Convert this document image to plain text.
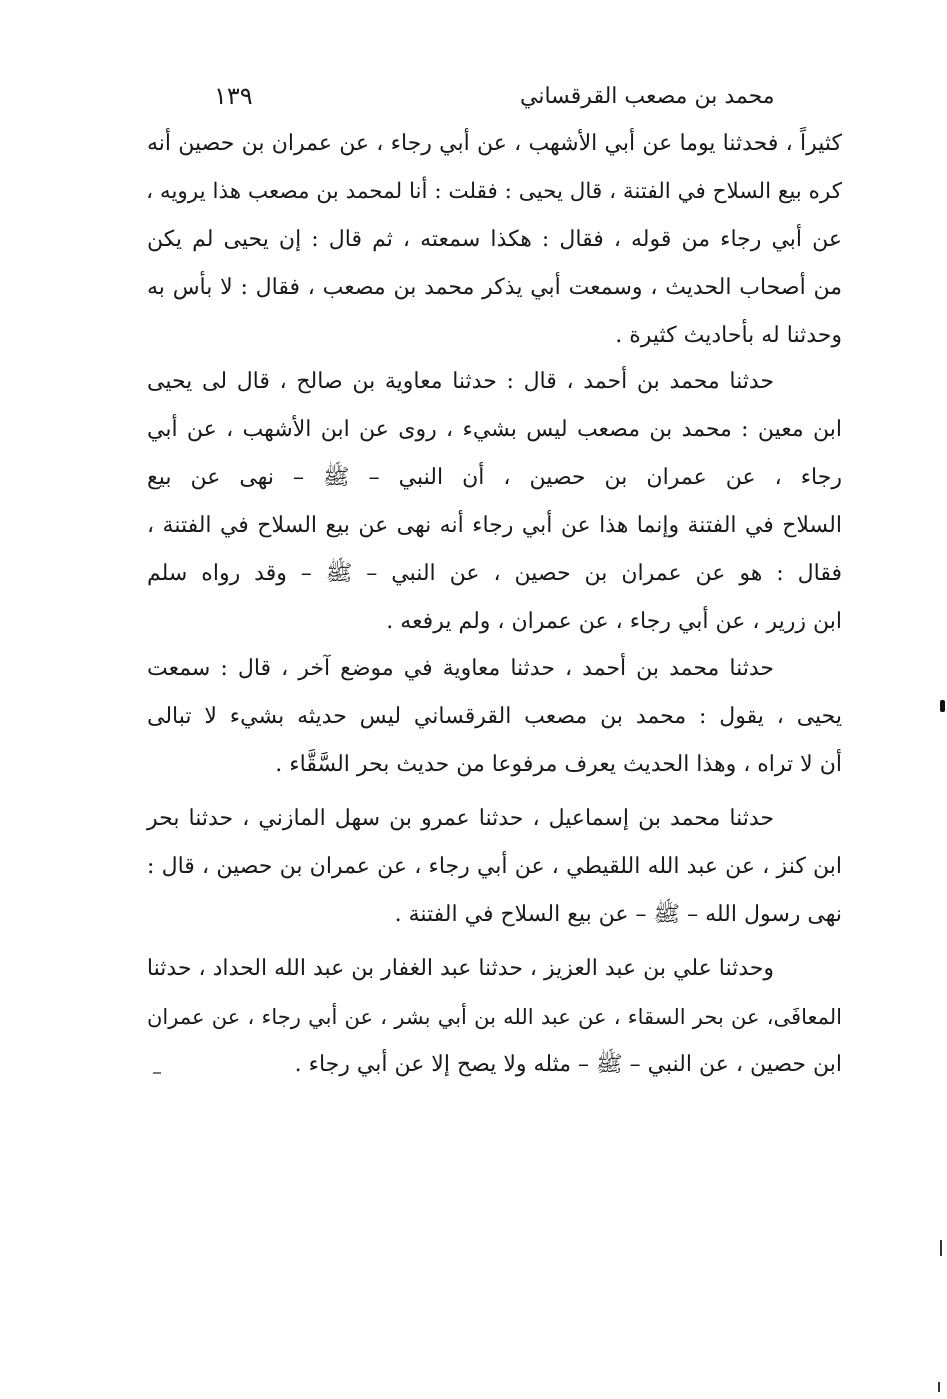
محمد بن مصعب القرقساني
١٣٩
كثيراً ، فحدثنا يوما عن أبي الأشهب ، عن أبي رجاء ، عن عمران بن حصين أنه
كره بيع السلاح في الفتنة ، قال يحيى : فقلت : أنا لمحمد بن مصعب هذا يرويه ،
عن أبي رجاء من قوله ، فقال : هكذا سمعته ، ثم قال : إن يحيى لم يكن
من أصحاب الحديث ، وسمعت أبي يذكر محمد بن مصعب ، فقال : لا بأس به
وحدثنا له بأحاديث كثيرة .
حدثنا محمد بن أحمد ، قال : حدثنا معاوية بن صالح ، قال لى يحيى
ابن معين : محمد بن مصعب ليس بشيء ، روى عن ابن الأشهب ، عن أبي
رجاء ، عن عمران بن حصين ، أن النبي – ﷺ – نهى عن بيع
السلاح في الفتنة وإنما هذا عن أبي رجاء أنه نهى عن بيع السلاح في الفتنة ،
فقال : هو عن عمران بن حصين ، عن النبي – ﷺ – وقد رواه سلم
ابن زرير ، عن أبي رجاء ، عن عمران ، ولم يرفعه .
حدثنا محمد بن أحمد ، حدثنا معاوية في موضع آخر ، قال : سمعت
يحيى ، يقول : محمد بن مصعب القرقساني ليس حديثه بشيء لا تبالى
أن لا تراه ، وهذا الحديث يعرف مرفوعا من حديث بحر السَّقَّاء .
حدثنا محمد بن إسماعيل ، حدثنا عمرو بن سهل المازني ، حدثنا بحر
ابن كنز ، عن عبد الله اللقيطي ، عن أبي رجاء ، عن عمران بن حصين ، قال :
نهى رسول الله – ﷺ – عن بيع السلاح في الفتنة .
وحدثنا علي بن عبد العزيز ، حدثنا عبد الغفار بن عبد الله الحداد ، حدثنا
المعافَى، عن بحر السقاء ، عن عبد الله بن أبي بشر ، عن أبي رجاء ، عن عمران
ابن حصين ، عن النبي – ﷺ – مثله ولا يصح إلا عن أبي رجاء .
